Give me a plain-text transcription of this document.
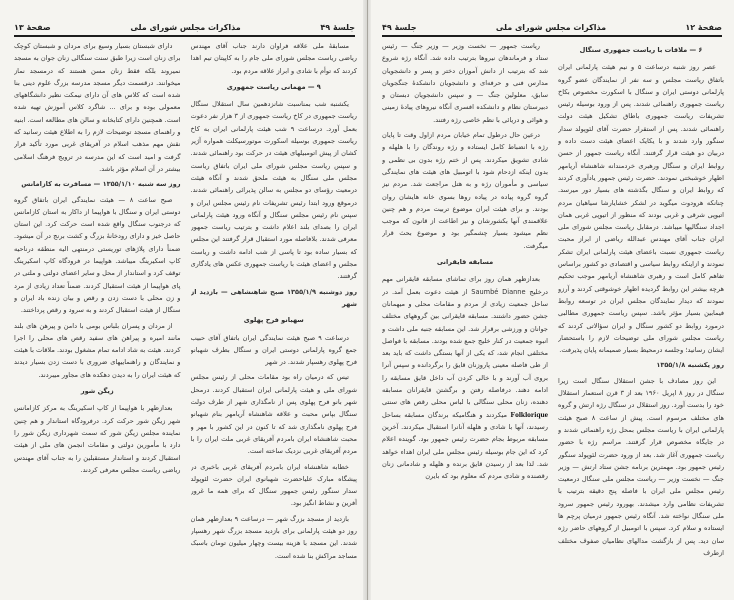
جلسهٔ ۴۹
مذاکرات مجلس شورای ملی
صفحهٔ ۱۳

مسابقهٔ ملی علاقه فراوان دارند جناب آقای مهندس ریاضی ریاست مجلس شورای ملی جام را به کاپیتان تیم اهدا کردند که توأم با شادی و ابراز علاقه مردم بود.

۹ — مهمانی ریاست جمهوری

یکشنبه شب بمناسبت شانزدهمین سال استقلال سنگال ریاست جمهوری در کاخ ریاست جمهوری از ۳ هزار نفر دعوت بعمل آورد. درساعت ۹ شب هیئت پارلمانی ایران به کاخ ریاست جمهوری بوسیله اسکورت موتورسیکلت همواره آژیر کشان از پیش اتومبیلهای هیئت در حرکت بود راهنمائی شدند. و سپس ریاست مجلس شورای ملی ایران باتفاق ریاست مجلس ملی سنگال به هیئت ملحق شدند و آنگاه هیئت درمعیت رؤسای دو مجلس به سالن پذیرائی راهنمائی شدند. درموقع ورود ابتدا رئیس تشریفات نام رئیس مجلس ایران و سپس نام رئیس مجلس سنگال و آنگاه ورود هیئت پارلمانی ایران را بصدای بلند اعلام داشت و بترتیب ریاست جمهور معرفی شدند. بلافاصله مورد استقبال قرار گرفتند این مجلس که بسیار ساده بود تا پاسی از شب ادامه داشت و ریاست مجلس و اعضای هیئت با ریاست جمهوری عکس های یادگاری گرفتند.

روز دوشنبه ۱۳۵۵/۱/۹ صبح شاهنشاهی — بازدید از شهر

سهبانو فرح پهلوی

درساعت ۹ صبح هیئت نمایندگی ایران باتفاق آقای حبیب جمع گروه پارلمانی دوستی ایران و سنگال بطرف شهبانو فرح پهلوی رهسپار شدند. در شهر

تیس که درمیان راه بود مقامات محلی از رئیس مجلس شورای ملی و هیئت پارلمانی ایران استقبال کردند. درمحل شهر بانو فرح پهلوی پس از نامگذاری شهر از طرف دولت سنگال بپاس محبت و علاقه شاهنشاه آریامهر بنام شهبانو فرح پهلوی نامگذاری شد که تا کنون در این کشور با مهر و محبت شاهنشاه ایران بامردم آفریقای غربی ملت ایران را با مردم آفریقای غربی نزدیک ساخته است.

خطابه شاهنشاه ایران بامردم آفریقای غربی باخبری در پیشگاه مبارک علیاحضرت شهبانوی ایران حضرت لئوپولد سدار سنگور رئیس جمهور سنگال که برای همه ما غرور آفرین و نشاط انگیز بود.

بازدید از مسجد بزرگ شهر — درساعت ۹ بعدازظهر همان روز دو هیئت پارلمانی برای بازدید مسجد بزرگ شهر رهسپار شدند. این مسجد با هزینه بیست وچهار میلیون تومان باسبک مساجد مراکش بنا شده است.

دارای شبستان بسیار وسیع برای مردان و شبستان کوچک برای زنان است زیرا طبق سنت سنگالی زنان جوان به مسجد نمیروند بلکه فقط زنان مسن هستند که درمسجد نماز میخوانند. درقسمت دیگر مسجد مدرسه بزرگ علوم دینی بنا شده است که کلاس های آن دارای نیمکت نظیر دانشگاههای معمولی بوده و برای ... شاگرد کلاس آموزش تهیه شده است. همچنین دارای کتابخانه و سالن های مطالعه است. ابنیه و راهنمای مسجد توضیحات لازم را به اطلاع هیئت رسانید که نقش مهم مذهب اسلام در آفریقای غربی مورد تأکید قرار گرفت و امید است که این مدرسه در ترویج فرهنگ اسلامی بیشتر در آن اسلام مؤثر باشد.

روز سه شنبه ۱۳۵۵/۱/۱۰ — مسافرت به کازامانس

صبح ساعت ۸ — هیئت نمایندگی ایران باتفاق گروه دوستی ایران و سنگال با هواپیما از داکار به استان کازامانس که درجنوب سنگال واقع شده است حرکت کرد. این استان حاصل خیز و دارای رودخانهٔ بزرگ و کشت برنج در آن میشود. ضمناً دارای پلاژهای توریستی درمنتهی الیه منطقه درناحیه کاپ اسکیرینگ میباشد. هواپیما در فرودگاه کاپ اسکیرینگ توقف کرد و استاندار از محل و سایر اعضای دولتی و ملتی در پای هواپیما از هیئت استقبال کردند. ضمناً تعداد زیادی از مرد و زن محلی با دست زدن و رقص و بیان زنده باد ایران و سنگال از هیئت استقبال کردند و به سرود و رقص پرداختند.

از مردان و پسران بلباس بومی با دامن و پیرهن های بلند مانند امیره و پیراهن های سفید رقص های محلی را اجرا کردند. هیئت به شاد ادامه تمام مشغول بودند. ملاقات با هیئت و نمایندگان و راهنماییهای ضروری با دست زدن بسیار دیدند که هیئت ایران را به دیدن دهکده های مجاور میبردند.

زیگن شور

بعدازظهر با هواپیما از کاپ اسکیرینگ به مرکز کازامانس شهر زیگن شور حرکت کرد. درفرودگاه استاندار و هم چنین نماینده مجلس زیگن شور که سمت شهرداری زیگن شور را دارد با مأمورین دولتی و مقامات انجمن های ملی از هیئت استقبال کردند و استاندار مستقبلین را به جناب آقای مهندس ریاضی ریاست مجلس معرفی کردند.

صفحهٔ ۱۲
مذاکرات مجلس شورای ملی
جلسهٔ ۴۹

۶ — ملاقات با ریاست جمهوری سنگال

عصر روز شنبه درساعت ۵ و نیم هیئت پارلمانی ایران باتفاق ریاست مجلس و سه نفر از نمایندگان عضو گروه پارلمانی دوستی ایران و سنگال با اسکورت مخصوص بکاخ ریاست جمهوری راهنمائی شدند. پس از ورود بوسیله رئیس تشریفات ریاست جمهوری باطاق تشکیل هیئت دولت راهنمائی شدند. پس از استقرار حضرت آقای لئوپولد سدار سنگور وارد شدند و با یکایک اعضای هیئت دست داده و دربیان دو هیئت قرار گرفتند. آنگاه ریاست جمهور از حسن روابط ایران و سنگال ورهبری خردمندانه شاهنشاه آریامهر اظهار خوشبختی نمودند. حضرت رئیس جمهور یادآوری کردند که روابط ایران و سنگال بگذشته های بسیار دور میرسد. چنانکه هرودوت میگوید در لشکر خشایارشا سیاهیان مردم اتیوپی شرقی و غربی بودند که منظور از اتیوپی غربی همان اجداد سنگالیها میباشد. درمقابل ریاست مجلس شورای ملی ایران جناب آقای مهندس عبدالله ریاضی از ابراز محبت ریاست جمهوری نسبت باعضای هیئت پارلمانی ایران تشکر نمودند و ازاینکه روابط سیاسی و اقتصادی دو کشور براساس تفاهم کامل است و رهبری شاهنشاه آریامهر موجب تحکیم هرچه بیشتر این روابط گردیده اظهار خوشوقتی کردند و آرزو نمودند که دیدار نمایندگان مجلس ایران در توسعه روابط فیمابین بسیار مؤثر باشد. سپس ریاست جمهوری مطالبی درمورد روابط دو کشور سنگال و ایران سؤالاتی کردند که ریاست مجلس شورای ملی توضیحات لازم را باستحضار ایشان رسانید؛ وجلسه درمحیط بسیار صمیمانه پایان پذیرفت.

روز یکشنبه ۱۳۵۵/۱/۸

این روز مصادف با جشن استقلال سنگال است زیرا سنگال در روز ۸ اپریل ۱۹۶۰ بعد از ۳ قرن استعمار استقلال خود را بدست آورد. روز استقلال در سنگال رژه ارتش و گروه های مختلف مرسوم است. پیش از ساعت ۸ صبح هیئت پارلمانی ایران با ریاست مجلس بمحل رژه راهنمائی شدند و در جایگاه مخصوص قرار گرفتند. مراسم رژه با حضور ریاست جمهوری آغاز شد. بعد از ورود حضرت لئوپولد سنگور رئیس جمهور بود. مهمترین برنامه جشن ستاد ارتش — وزیر جنگ — نخست وزیر — ریاست مجلس ملی سنگال درمعیت رئیس مجلس ملی ایران با فاصله پنج دقیقه بترتیب با تشریفات نظامی وارد میشدند. بهورود رئیس جمهور سرود ملی سنگال نواخته شد. آنگاه رئیس جمهور درمیان پرچم ها ایستاده و سلام کرد. سپس با اتومبیل از گروههای حاضر رژه سان دید. پس از بازگشت مدالهای نظامیان صفوف مختلف ازطرف

ریاست جمهور — نخست وزیر — وزیر جنگ — رئیس ستاد و فرماندهان نیروها بترتیب داده شد. آنگاه رژه شروع شد که بترتیب از دانش آموزان دختر و پسر و دانشجویان مدارس فنی و حرفه‌ای و دانشجویان دانشکدهٔ جنگجویان سابق، معلولین جنگ — و سپس دانشجویان دبستان و دبیرستان نظام و دانشکده افسری آنگاه نیروهای پیادهٔ زمینی و هوائی و دریائی با نظم خاصی رژه رفتند.

درعین حال درطول تمام خیابان مردم ازاول وقت تا پایان رژه با انضباط کامل ایستاده و رژه روندگان را با هلهله و شادی تشویق میکردند. پس از ختم رژه بدون بی نظمی و بدون اینکه ازدحام شود با اتومبیل های هیئت های نمایندگی سیاسی و مأموران رژه و به هتل مراجعت شد. مردم نیز گروه گروه پیاده در پیاده روها بسوی خانه هایشان روان بودند. و برای هیئت ایران موضوع تربیت مردم و هم چنین علاقمندی آنها بکشورشان و نیز اطاعت از قانون که موجب نظم میشود بسیار چشمگیر بود و موضوع بحث قرار میگرفت.

مسابقه قایقرانی

بعدازظهر همان روز برای تماشای مسابقه قایقرانی مهم درخلیج Saumbé Dianne از هیئت دعوت بعمل آمد. در ساحل جمعیت زیادی از مردم و مقامات محلی و میهمانان جشن حضور داشتند. مسابقه قایقرانی بین گروههای مختلف جوانان و ورزشی برقرار شد. این مسابقه جنبه ملی داشت و انبوه جمعیت در کنار خلیج جمع شده بودند. مسابقه با فواصل مختلفی انجام شد، که یکی از آنها بستگی داشت که باید بعد از طی فاصله معینی پاروزنان قایق را برگردانده و سپس آنرا بروی آب آورند و با خالی کردن آب داخل قایق مسابقه را ادامه دهند. درفاصله رفتن و برگشتن قایقرانان مسابقه دهنده، زنان محلی سنگالی با لباس محلی رقص های سنتی Folklorique میکردند و هنگامیکه برندگان مسابقه بساحل رسیدند، آنها با شادی و هلهله آنانرا استقبال میکردند. آخرین مسابقه مربوط بجام حضرت رئیس جمهور بود. گوینده اعلام کرد که این جام بوسیله رئیس مجلس ملی ایران اهداء خواهد شد. لذا بعد از رسیدن قایق برنده و هلهله و شادمانی زنان رقصنده و شادی مردم که معلوم بود که بایرن
